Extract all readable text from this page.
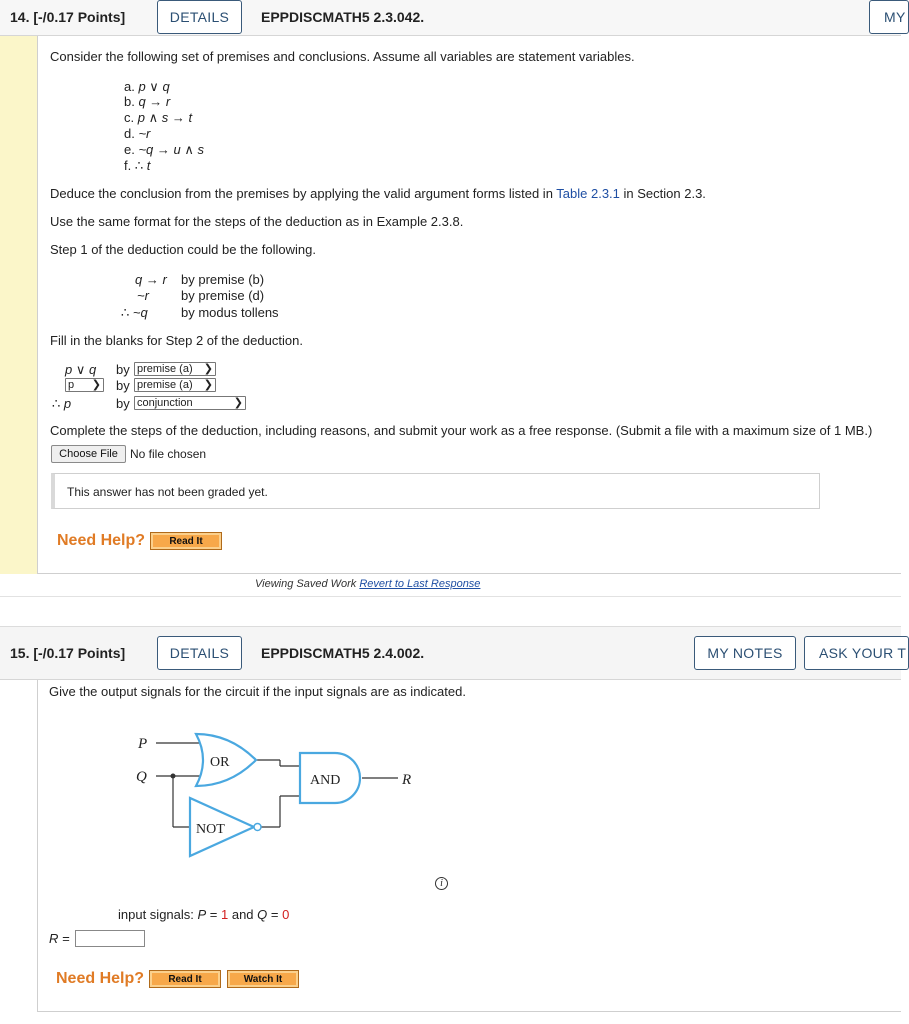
14. [-/0.17 Points]	DETAILS	EPPDISCMATH5 2.3.042.	MY
Consider the following set of premises and conclusions. Assume all variables are statement variables.
a. p ∨ q
b. q → r
c. p ∧ s → t
d. ~r
e. ~q → u ∧ s
f. ∴ t
Deduce the conclusion from the premises by applying the valid argument forms listed in Table 2.3.1 in Section 2.3.
Use the same format for the steps of the deduction as in Example 2.3.8.
Step 1 of the deduction could be the following.
q → r by premise (b)
~r by premise (d)
∴ ~q	by modus tollens
Fill in the blanks for Step 2 of the deduction.
p ∨ q by premise (a) ❯
p ❯ by premise (a) ❯
∴ p	by conjunction	❯
Complete the steps of the deduction, including reasons, and submit your work as a free response. (Submit a file with a maximum size of 1 MB.)
Choose File	No file chosen
This answer has not been graded yet.
Need Help?	Read It
Viewing Saved Work Revert to Last Response
15. [-/0.17 Points]	DETAILS	EPPDISCMATH5 2.4.002.	MY NOTES	ASK YOUR T
Give the output signals for the circuit if the input signals are as indicated.
P
Q
OR
AND
NOT
R
i
input signals: P = 1 and Q = 0
R =
Need Help?	Read It	Watch It
